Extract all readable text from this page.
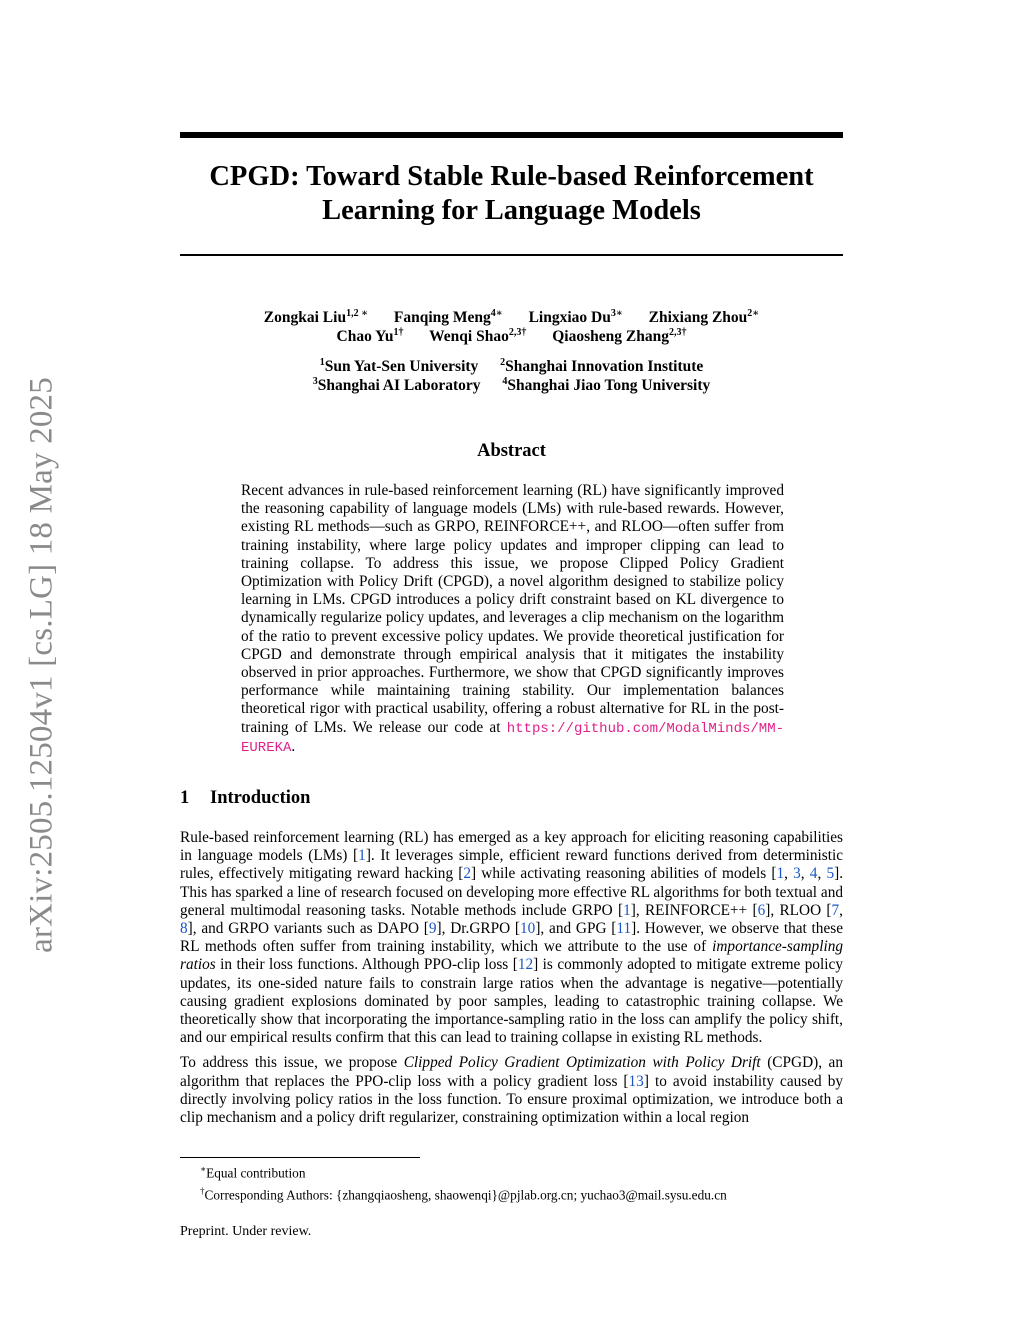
arXiv:2505.12504v1 [cs.LG] 18 May 2025
CPGD: Toward Stable Rule-based Reinforcement
Learning for Language Models
Zongkai Liu$^{1,2 ∗}$ Fanqing Meng$^{4∗}$ Lingxiao $Du^{3∗}$ Zhixiang Zhou$^{2∗}$
Chao $Yu^{1\dagger}$ Wenqi Shao$^{2,3\dagger}$ Qiaosheng Zhang$^{2,3\dagger}$
$^1$Sun Yat-Sen University $^2$Shanghai Innovation Institute
$^3$Shanghai AI Laboratory $^4$Shanghai Jiao Tong University
Abstract
Recent advances in rule-based reinforcement learning (RL) have significantly improved the reasoning capability of language models (LMs) with rule-based rewards. However, existing RL methods—such as GRPO, REINFORCE++, and RLOO—often suffer from training instability, where large policy updates and improper clipping can lead to training collapse. To address this issue, we propose Clipped Policy Gradient Optimization with Policy Drift (CPGD), a novel algorithm designed to stabilize policy learning in LMs. CPGD introduces a policy drift constraint based on KL divergence to dynamically regularize policy updates, and leverages a clip mechanism on the logarithm of the ratio to prevent excessive policy updates. We provide theoretical justification for CPGD and demonstrate through empirical analysis that it mitigates the instability observed in prior approaches. Furthermore, we show that CPGD significantly improves performance while maintaining training stability. Our implementation balances theoretical rigor with practical usability, offering a robust alternative for RL in the post-training of LMs. We release our code at https://github.com/ModalMinds/MM-EUREKA.
1 Introduction

Rule-based reinforcement learning (RL) has emerged as a key approach for eliciting reasoning capabilities in language models (LMs) [1]. It leverages simple, efficient reward functions derived from deterministic rules, effectively mitigating reward hacking [2] while activating reasoning abilities of models [1, 3, 4, 5]. This has sparked a line of research focused on developing more effective RL algorithms for both textual and general multimodal reasoning tasks. Notable methods include GRPO [1], REINFORCE++ [6], RLOO [7, 8], and GRPO variants such as DAPO [9], Dr.GRPO [10], and GPG [11]. However, we observe that these RL methods often suffer from training instability, which we attribute to the use of importance-sampling ratios in their loss functions. Although PPO-clip loss [12] is commonly adopted to mitigate extreme policy updates, its one-sided nature fails to constrain large ratios when the advantage is negative—potentially causing gradient explosions dominated by poor samples, leading to catastrophic training collapse. We theoretically show that incorporating the importance-sampling ratio in the loss can amplify the policy shift, and our empirical results confirm that this can lead to training collapse in existing RL methods.

To address this issue, we propose Clipped Policy Gradient Optimization with Policy Drift (CPGD), an algorithm that replaces the PPO-clip loss with a policy gradient loss [13] to avoid instability caused by directly involving policy ratios in the loss function. To ensure proximal optimization, we introduce both a clip mechanism and a policy drift regularizer, constraining optimization within a local region

∗Equal contribution
†Corresponding Authors: {zhangqiaosheng, shaowenqi}@pjlab.org.cn; yuchao3@mail.sysu.edu.cn
Preprint. Under review.
